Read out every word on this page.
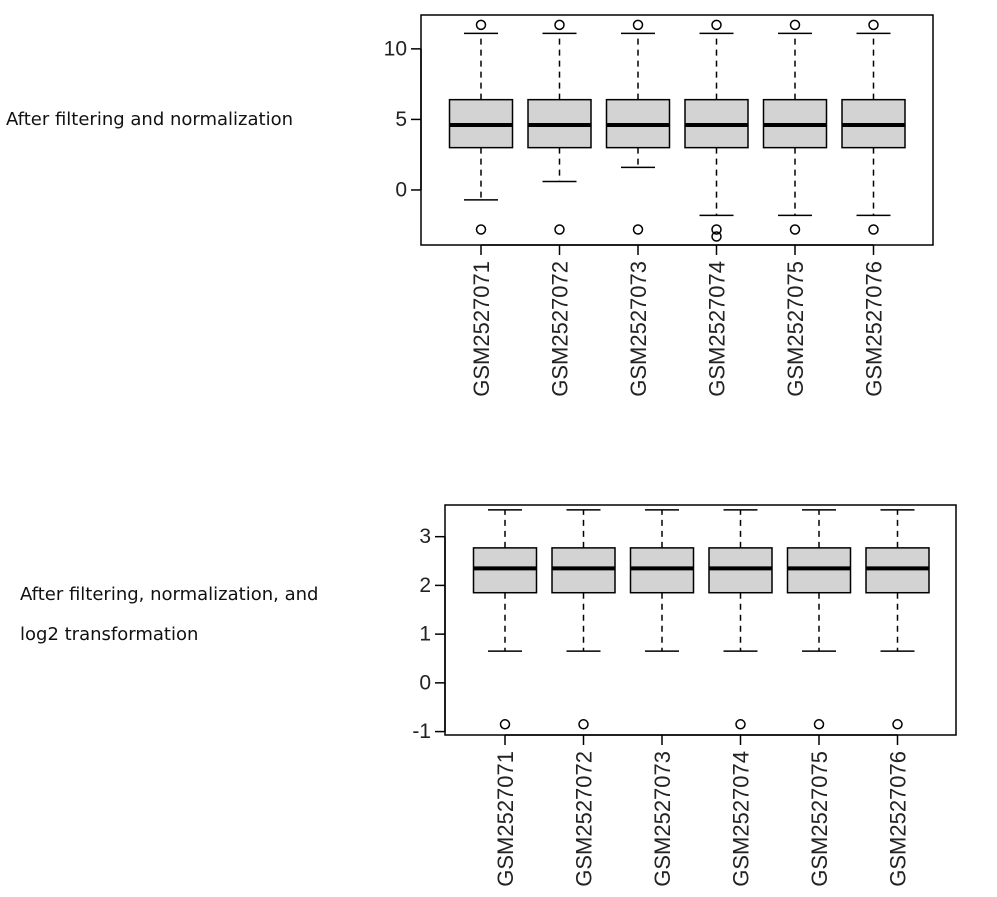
After filtering and normalization
After filtering, normalization, and
log2 transformation
0
5
10
GSM2527071 GSM2527072 GSM2527073 GSM2527074 GSM2527075 GSM2527076
-1
0
1
2
3
GSM2527071 GSM2527072 GSM2527073 GSM2527074 GSM2527075 GSM2527076
